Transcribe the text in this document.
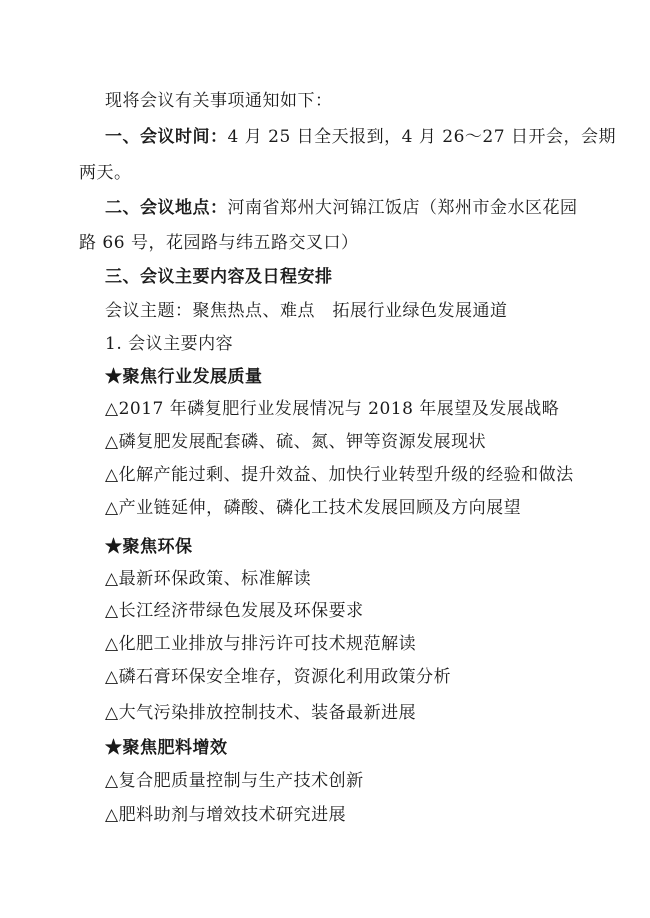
现将会议有关事项通知如下：
一、会议时间：4 月 25 日全天报到，4 月 26～27 日开会，会期
两天。
二、会议地点：河南省郑州大河锦江饭店（郑州市金水区花园
路 66 号，花园路与纬五路交叉口）
三、会议主要内容及日程安排
会议主题：聚焦热点、难点　拓展行业绿色发展通道
1. 会议主要内容
★聚焦行业发展质量
△2017 年磷复肥行业发展情况与 2018 年展望及发展战略
△磷复肥发展配套磷、硫、氮、钾等资源发展现状
△化解产能过剩、提升效益、加快行业转型升级的经验和做法
△产业链延伸，磷酸、磷化工技术发展回顾及方向展望
★聚焦环保
△最新环保政策、标准解读
△长江经济带绿色发展及环保要求
△化肥工业排放与排污许可技术规范解读
△磷石膏环保安全堆存，资源化利用政策分析
△大气污染排放控制技术、装备最新进展
★聚焦肥料增效
△复合肥质量控制与生产技术创新
△肥料助剂与增效技术研究进展
